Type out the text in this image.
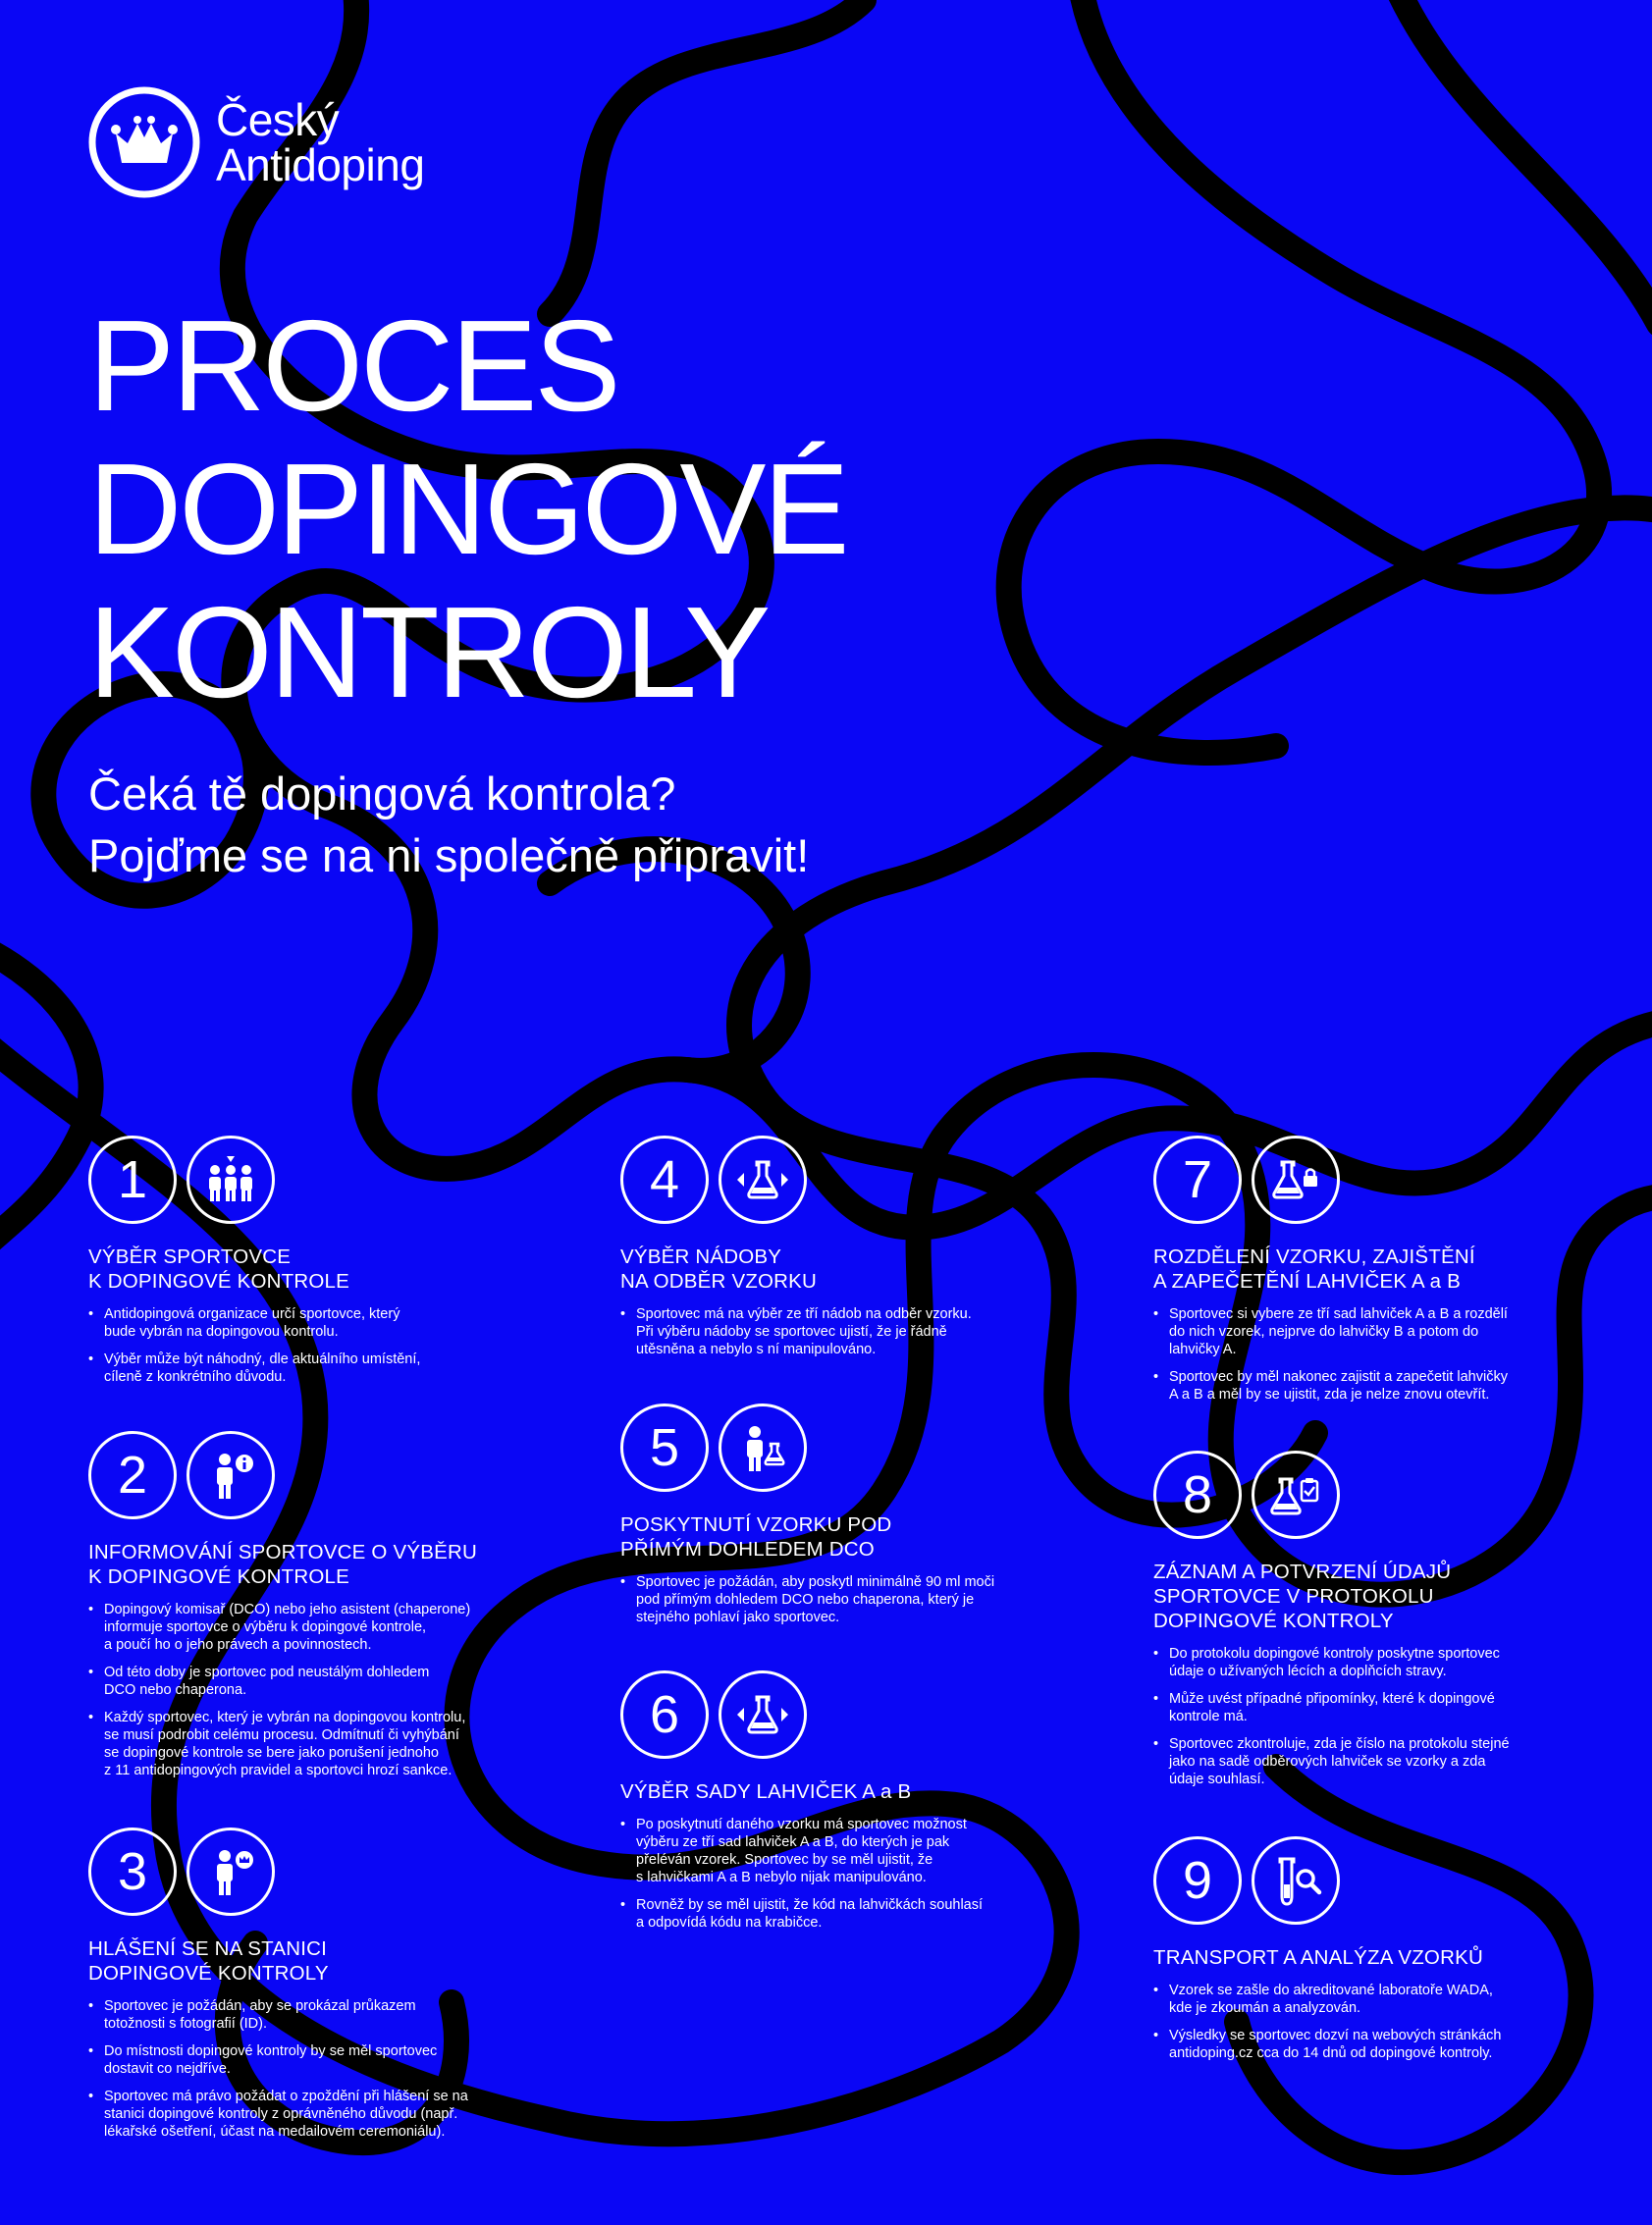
Český
Antidoping
PROCES
DOPINGOVÉ
KONTROLY
Čeká tě dopingová kontrola?
Pojďme se na ni společně připravit!
1
VÝBĚR SPORTOVCE
K DOPINGOVÉ KONTROLE
• Antidopingová organizace určí sportovce, který
bude vybrán na dopingovou kontrolu.
• Výběr může být náhodný, dle aktuálního umístění,
cíleně z konkrétního důvodu.
2
INFORMOVÁNÍ SPORTOVCE O VÝBĚRU
K DOPINGOVÉ KONTROLE
• Dopingový komisař (DCO) nebo jeho asistent (chaperone)
informuje sportovce o výběru k dopingové kontrole,
a poučí ho o jeho právech a povinnostech.
• Od této doby je sportovec pod neustálým dohledem
DCO nebo chaperona.
• Každý sportovec, který je vybrán na dopingovou kontrolu,
se musí podrobit celému procesu. Odmítnutí či vyhýbání
se dopingové kontrole se bere jako porušení jednoho
z 11 antidopingových pravidel a sportovci hrozí sankce.
3
HLÁŠENÍ SE NA STANICI
DOPINGOVÉ KONTROLY
• Sportovec je požádán, aby se prokázal průkazem
totožnosti s fotografií (ID).
• Do místnosti dopingové kontroly by se měl sportovec
dostavit co nejdříve.
• Sportovec má právo požádat o zpoždění při hlášení se na
stanici dopingové kontroly z oprávněného důvodu (např.
lékařské ošetření, účast na medailovém ceremoniálu).
4
VÝBĚR NÁDOBY
NA ODBĚR VZORKU
• Sportovec má na výběr ze tří nádob na odběr vzorku.
Při výběru nádoby se sportovec ujistí, že je řádně
utěsněna a nebylo s ní manipulováno.
5
POSKYTNUTÍ VZORKU POD
PŘÍMÝM DOHLEDEM DCO
• Sportovec je požádán, aby poskytl minimálně 90 ml moči
pod přímým dohledem DCO nebo chaperona, který je
stejného pohlaví jako sportovec.
6
VÝBĚR SADY LAHVIČEK A a B
• Po poskytnutí daného vzorku má sportovec možnost
výběru ze tří sad lahviček A a B, do kterých je pak
přeléván vzorek. Sportovec by se měl ujistit, že
s lahvičkami A a B nebylo nijak manipulováno.
• Rovněž by se měl ujistit, že kód na lahvičkách souhlasí
a odpovídá kódu na krabičce.
7
ROZDĚLENÍ VZORKU, ZAJIŠTĚNÍ
A ZAPEČETĚNÍ LAHVIČEK A a B
• Sportovec si vybere ze tří sad lahviček A a B a rozdělí
do nich vzorek, nejprve do lahvičky B a potom do
lahvičky A.
• Sportovec by měl nakonec zajistit a zapečetit lahvičky
A a B a měl by se ujistit, zda je nelze znovu otevřít.
8
ZÁZNAM A POTVRZENÍ ÚDAJŮ
SPORTOVCE V PROTOKOLU
DOPINGOVÉ KONTROLY
• Do protokolu dopingové kontroly poskytne sportovec
údaje o užívaných lécích a doplňcích stravy.
• Může uvést případné připomínky, které k dopingové
kontrole má.
• Sportovec zkontroluje, zda je číslo na protokolu stejné
jako na sadě odběrových lahviček se vzorky a zda
údaje souhlasí.
9
TRANSPORT A ANALÝZA VZORKŮ
• Vzorek se zašle do akreditované laboratoře WADA,
kde je zkoumán a analyzován.
• Výsledky se sportovec dozví na webových stránkách
antidoping.cz cca do 14 dnů od dopingové kontroly.
